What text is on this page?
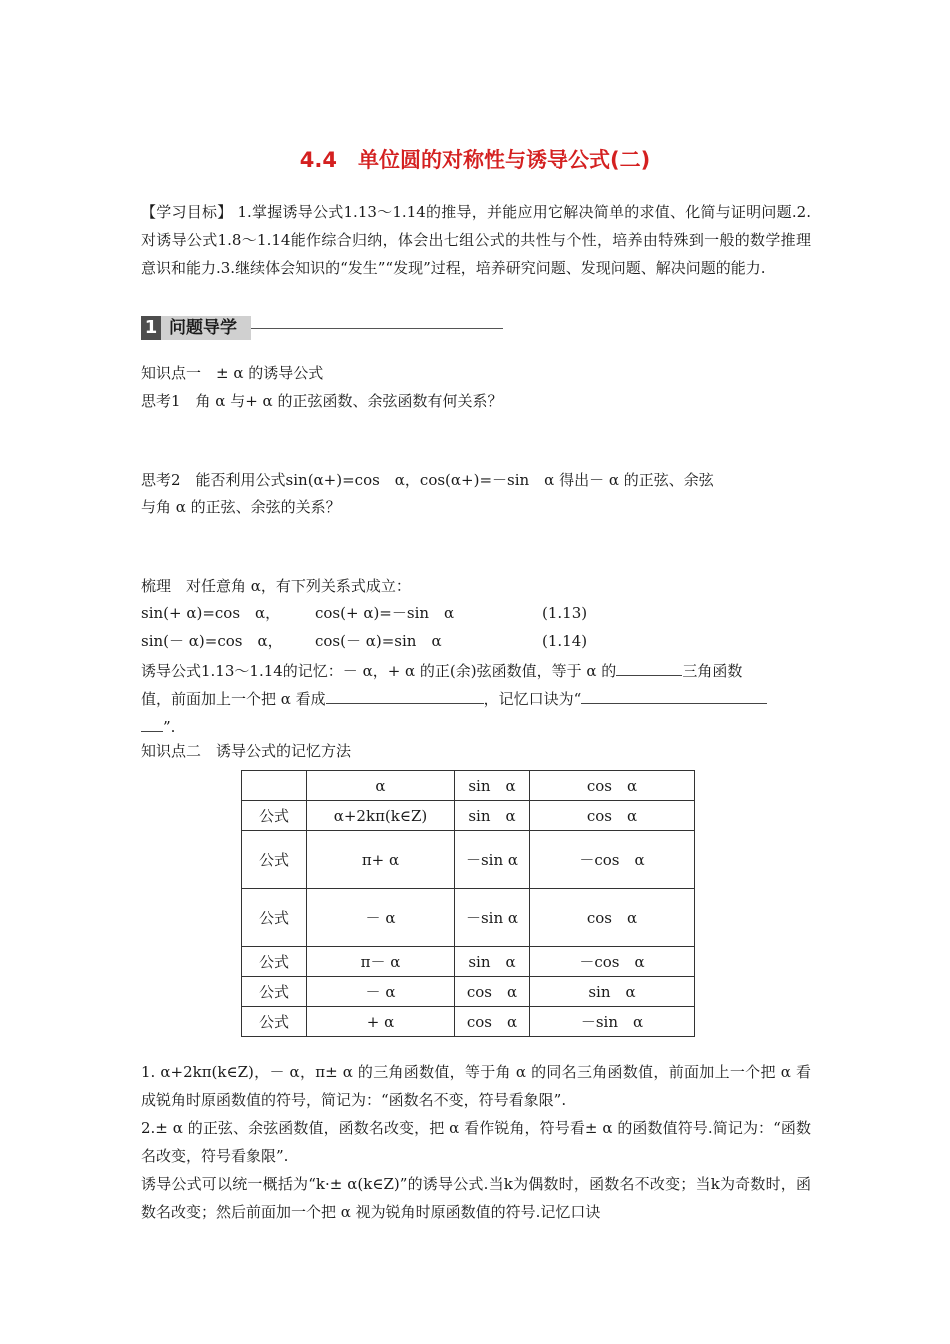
4.4　单位圆的对称性与诱导公式(二)
【学习目标】 1.掌握诱导公式1.13～1.14的推导，并能应用它解决简单的求值、化简与证明问题.2.对诱导公式1.8～1.14能作综合归纳，体会出七组公式的共性与个性，培养由特殊到一般的数学推理意识和能力.3.继续体会知识的“发生”“发现”过程，培养研究问题、发现问题、解决问题的能力.
1 问题导学
知识点一　± α 的诱导公式
思考1　角 α 与+ α 的正弦函数、余弦函数有何关系？
思考2　能否利用公式sin(α+)=cos　α，cos(α+)=－sin　α 得出－ α 的正弦、余弦
与角 α 的正弦、余弦的关系？
梳理　对任意角 α，有下列关系式成立：
sin(+ α)=cos　α， cos(+ α)=－sin　α	(1.13)
sin(－ α)=cos　α， cos(－ α)=sin　α	(1.14)
诱导公式1.13～1.14的记忆：－ α，+ α 的正(余)弦函数值，等于 α 的	三角函数
值，前面加上一个把 α 看成	，记忆口诀为“
”.
知识点二　诱导公式的记忆方法
	α	sin　α	cos　α
公式	α+2kπ(k∈Z)	sin　α	cos　α
公式	π+ α	－sin α	－cos　α
公式	－ α	－sin α	cos　α
公式	π－ α	sin　α	－cos　α
公式	－ α	cos　α	sin　α
公式	+ α	cos　α	－sin　α
1. α+2kπ(k∈Z)，－ α，π± α 的三角函数值，等于角 α 的同名三角函数值，前面加上一个把 α 看成锐角时原函数值的符号，简记为：“函数名不变，符号看象限”.
2.± α 的正弦、余弦函数值，函数名改变，把 α 看作锐角，符号看± α 的函数值符号.简记为：“函数名改变，符号看象限”.
诱导公式可以统一概括为“k·± α(k∈Z)”的诱导公式.当k为偶数时，函数名不改变；当k为奇数时，函数名改变；然后前面加一个把 α 视为锐角时原函数值的符号.记忆口诀
